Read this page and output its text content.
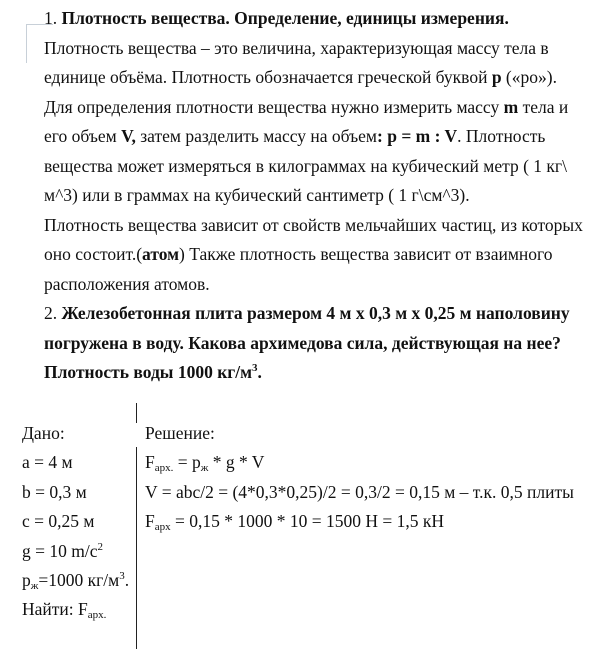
1. Плотность вещества. Определение, единицы измерения.
Плотность вещества – это величина, характеризующая массу тела в
единице объёма. Плотность обозначается греческой буквой p («ро»).
Для определения плотности вещества нужно измерить массу m тела и
его объем V, затем разделить массу на объем: p = m : V. Плотность
вещества может измеряться в килограммах на кубический метр ( 1 кг\
м^3) или в граммах на кубический сантиметр ( 1 г\см^3).
Плотность вещества зависит от свойств мельчайших частиц, из которых
оно состоит.(атом) Также плотность вещества зависит от взаимного
расположения атомов.
2. Железобетонная плита размером 4 м х 0,3 м х 0,25 м наполовину
погружена в воду. Какова архимедова сила, действующая на нее?
Плотность воды 1000 $кг/м^3$.
Дано:
a = 4 м
b = 0,3 м
c = 0,25 м
g = 10 $m/c^2$
$p_ж=1000$ $кг/м^3$.
Найти: $F_{арх.}$
Решение:
$F_{арх.} = p_ж * g * V$
V = abc/2 = (4*0,3*0,25)/2 = 0,3/2 = 0,15 м – т.к. 0,5 плиты
$F_{арх} = 0,15 * 1000 * 10 = 1500$ Н = 1,5 кН
